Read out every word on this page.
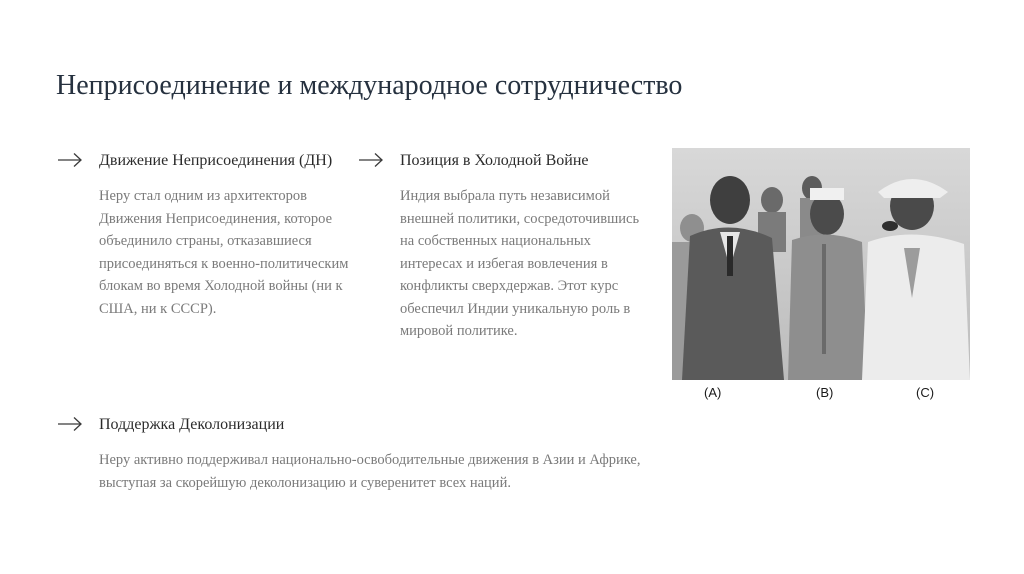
Неприсоединение и международное сотрудничество
Движение Неприсоединения (ДН)
Неру стал одним из архитекторов Движения Неприсоединения, которое объединило страны, отказавшиеся присоединяться к военно-политическим блокам во время Холодной войны (ни к США, ни к СССР).
Позиция в Холодной Войне
Индия выбрала путь независимой внешней политики, сосредоточившись на собственных национальных интересах и избегая вовлечения в конфликты сверхдержав. Этот курс обеспечил Индии уникальную роль в мировой политике.
Поддержка Деколонизации
Неру активно поддерживал национально-освободительные движения в Азии и Африке, выступая за скорейшую деколонизацию и суверенитет всех наций.
(A)	(B)	(C)
